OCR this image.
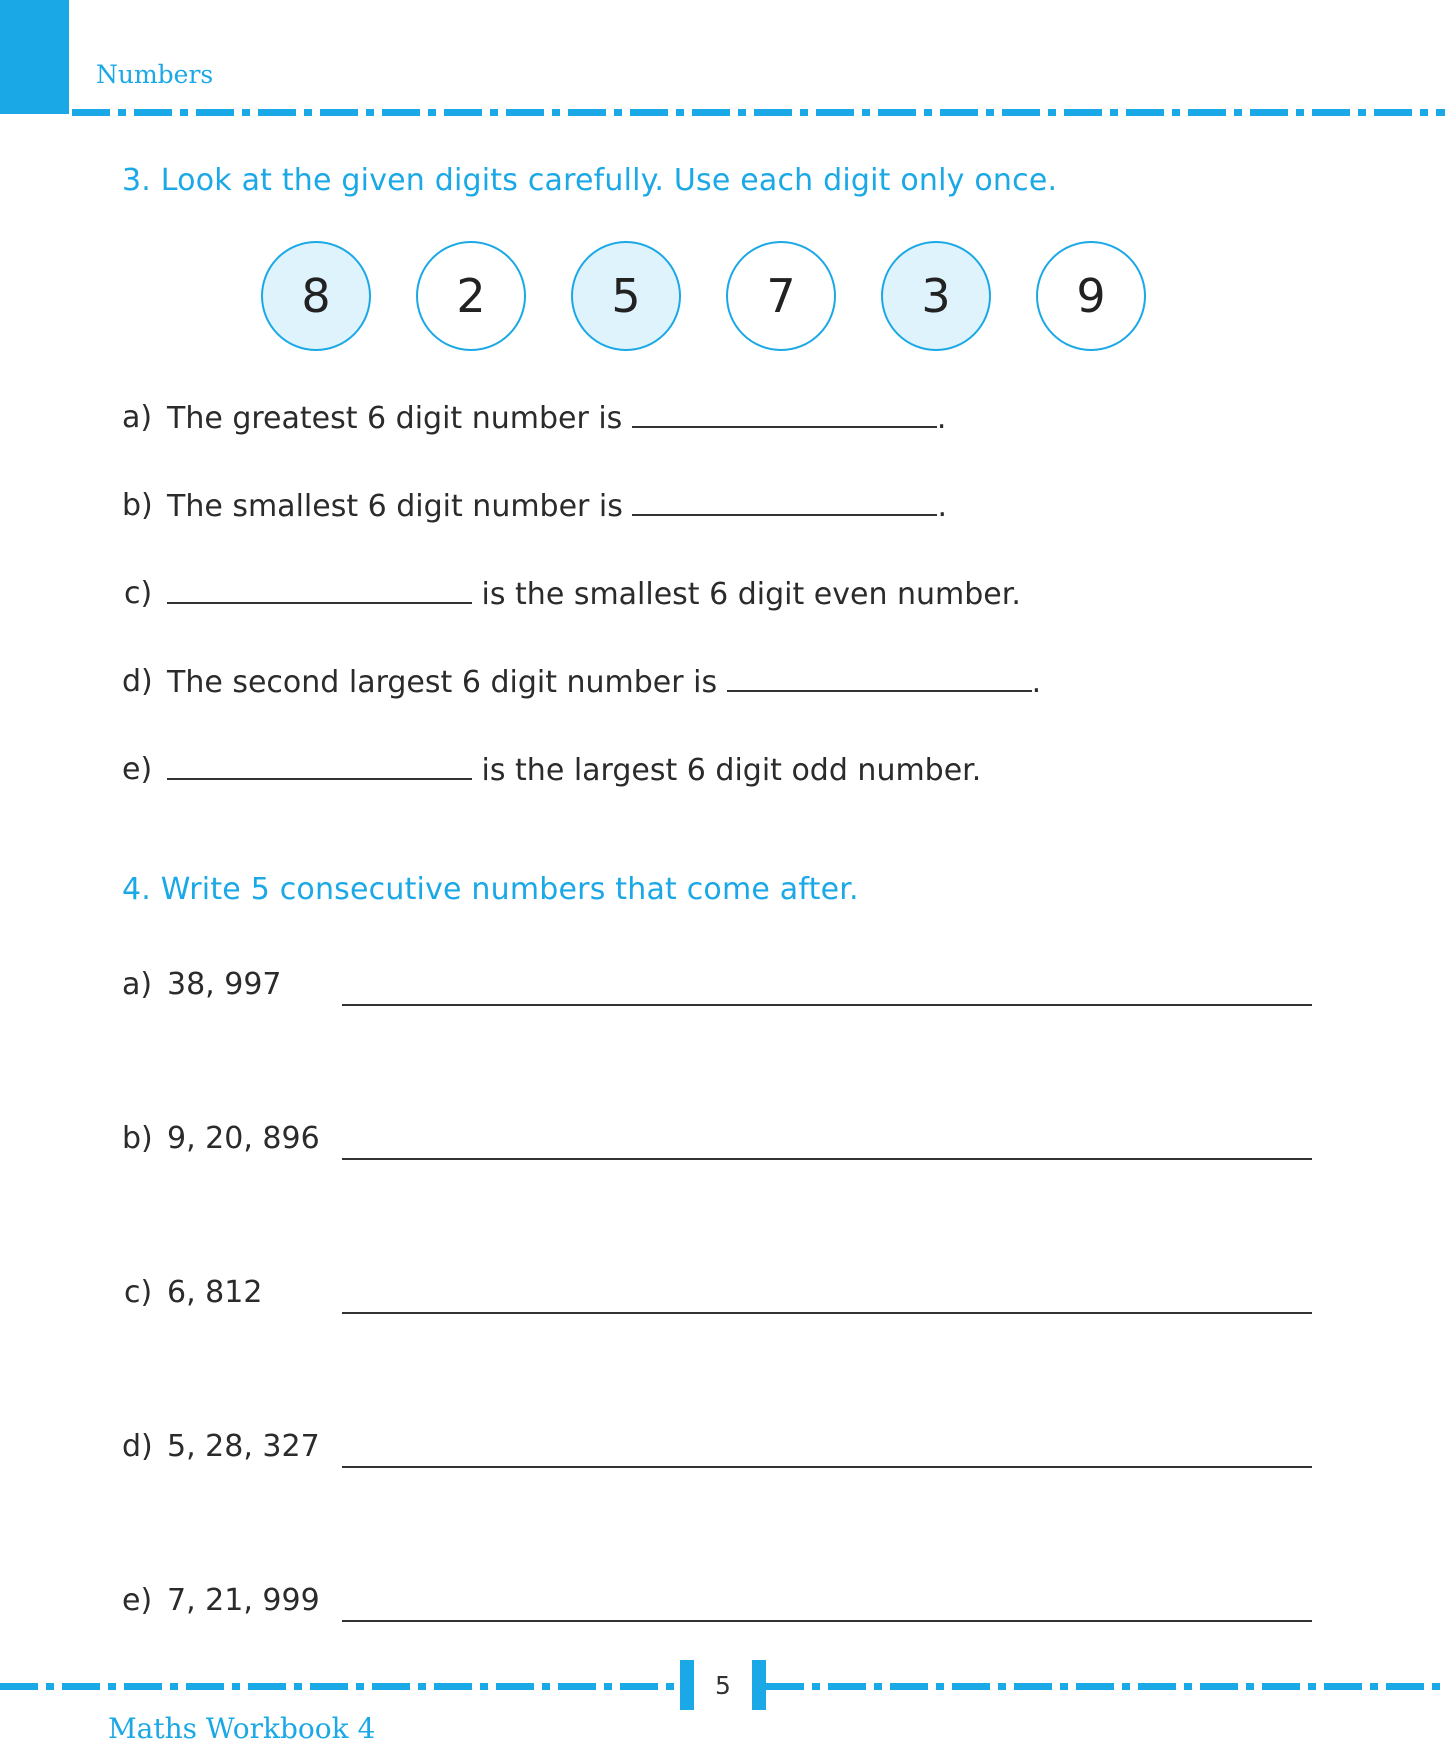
Numbers
3. Look at the given digits carefully. Use each digit only once.
8	2	5	7	3	9
a) The greatest 6 digit number is	.
b) The smallest 6 digit number is	.
c)	is the smallest 6 digit even number.
d) The second largest 6 digit number is	.
e)	is the largest 6 digit odd number.
4. Write 5 consecutive numbers that come after.
a) 38, 997
b) 9, 20, 896
c) 6, 812
d) 5, 28, 327
e) 7, 21, 999
5
Maths Workbook 4
